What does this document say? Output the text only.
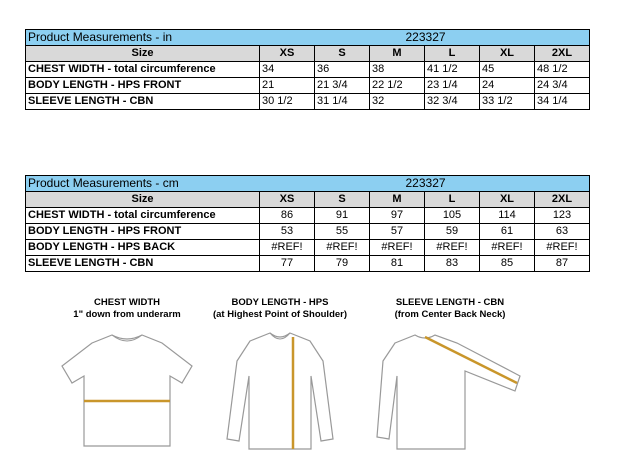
Product Measurements - in			223327			
Size	XS	S	M	L	XL	2XL
CHEST WIDTH - total circumference	34	36	38	41 1/2	45	48 1/2
BODY LENGTH - HPS FRONT	21	21 3/4	22 1/2	23 1/4	24	24 3/4
SLEEVE LENGTH - CBN	30 1/2	31 1/4	32	32 3/4	33 1/2	34 1/4
Product Measurements - cm			223327			
Size	XS	S	M	L	XL	2XL
CHEST WIDTH - total circumference	86	91	97	105	114	123
BODY LENGTH - HPS FRONT	53	55	57	59	61	63
BODY LENGTH - HPS BACK	#REF!	#REF!	#REF!	#REF!	#REF!	#REF!
SLEEVE LENGTH - CBN	77	79	81	83	85	87
CHEST WIDTH
1" down from underarm
BODY LENGTH - HPS
(at Highest Point of Shoulder)
SLEEVE LENGTH - CBN
(from Center Back Neck)
